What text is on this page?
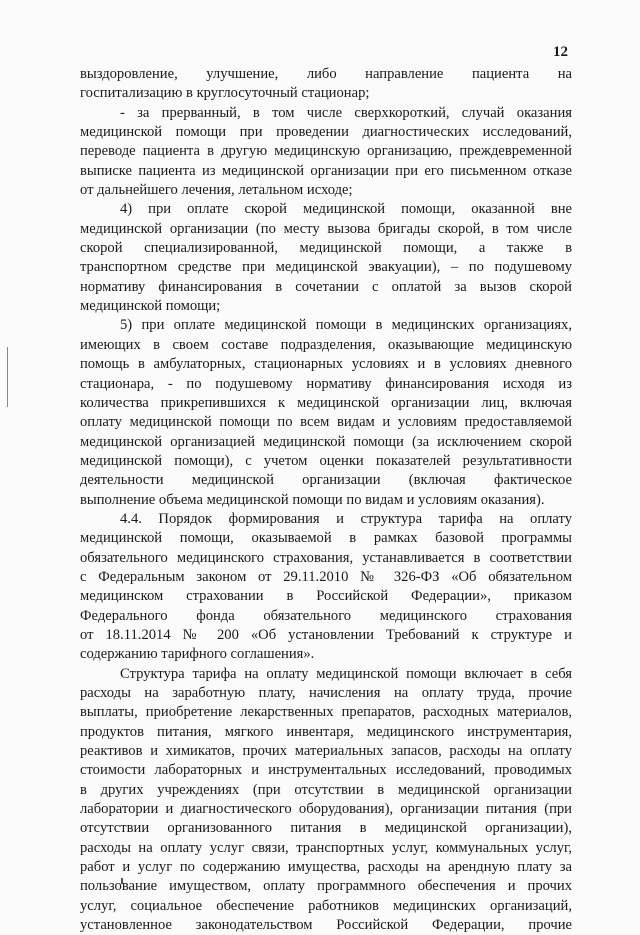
12
выздоровление, улучшение, либо направление пациента на
госпитализацию в круглосуточный стационар;
- за прерванный, в том числе сверхкороткий, случай оказания
медицинской помощи при проведении диагностических исследований,
переводе пациента в другую медицинскую организацию, преждевременной
выписке пациента из медицинской организации при его письменном отказе
от дальнейшего лечения, летальном исходе;
4) при оплате скорой медицинской помощи, оказанной вне
медицинской организации (по месту вызова бригады скорой, в том числе
скорой специализированной, медицинской помощи, а также в
транспортном средстве при медицинской эвакуации), – по подушевому
нормативу финансирования в сочетании с оплатой за вызов скорой
медицинской помощи;
5) при оплате медицинской помощи в медицинских организациях,
имеющих в своем составе подразделения, оказывающие медицинскую
помощь в амбулаторных, стационарных условиях и в условиях дневного
стационара, - по подушевому нормативу финансирования исходя из
количества прикрепившихся к медицинской организации лиц, включая
оплату медицинской помощи по всем видам и условиям предоставляемой
медицинской организацией медицинской помощи (за исключением скорой
медицинской помощи), с учетом оценки показателей результативности
деятельности медицинской организации (включая фактическое
выполнение объема медицинской помощи по видам и условиям оказания).
4.4. Порядок формирования и структура тарифа на оплату
медицинской помощи, оказываемой в рамках базовой программы
обязательного медицинского страхования, устанавливается в соответствии
с Федеральным законом от 29.11.2010 № 326-ФЗ «Об обязательном
медицинском страховании в Российской Федерации», приказом
Федерального фонда обязательного медицинского страхования
от 18.11.2014 № 200 «Об установлении Требований к структуре и
содержанию тарифного соглашения».
Структура тарифа на оплату медицинской помощи включает в себя
расходы на заработную плату, начисления на оплату труда, прочие
выплаты, приобретение лекарственных препаратов, расходных материалов,
продуктов питания, мягкого инвентаря, медицинского инструментария,
реактивов и химикатов, прочих материальных запасов, расходы на оплату
стоимости лабораторных и инструментальных исследований, проводимых
в других учреждениях (при отсутствии в медицинской организации
лаборатории и диагностического оборудования), организации питания (при
отсутствии организованного питания в медицинской организации),
расходы на оплату услуг связи, транспортных услуг, коммунальных услуг,
работ и услуг по содержанию имущества, расходы на арендную плату за
пользование имуществом, оплату программного обеспечения и прочих
услуг, социальное обеспечение работников медицинских организаций,
установленное законодательством Российской Федерации, прочие
